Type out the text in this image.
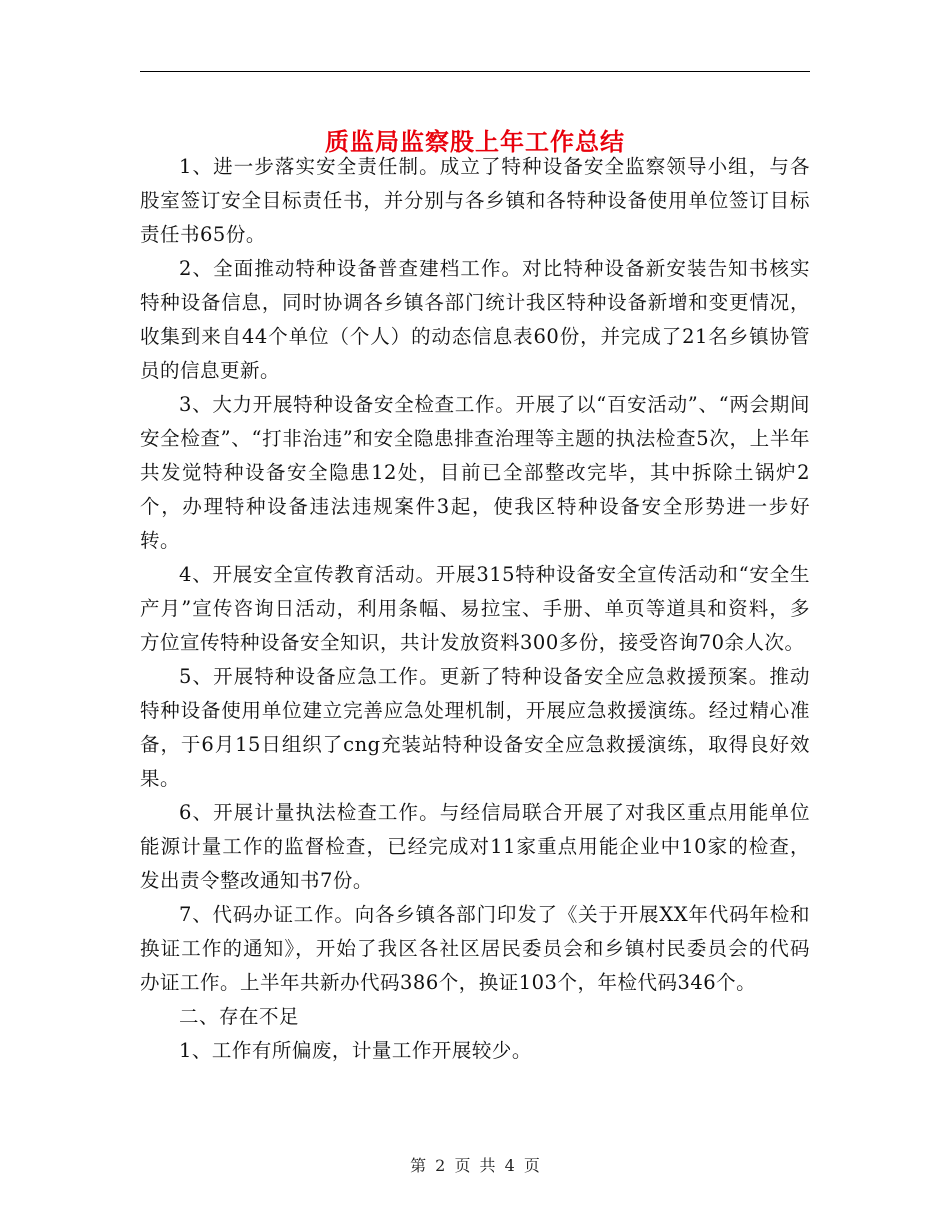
质监局监察股上年工作总结

1、进一步落实安全责任制。成立了特种设备安全监察领导小组，与各股室签订安全目标责任书，并分别与各乡镇和各特种设备使用单位签订目标责任书65份。

2、全面推动特种设备普查建档工作。对比特种设备新安装告知书核实特种设备信息，同时协调各乡镇各部门统计我区特种设备新增和变更情况，收集到来自44个单位（个人）的动态信息表60份，并完成了21名乡镇协管员的信息更新。

3、大力开展特种设备安全检查工作。开展了以“百安活动”、“两会期间安全检查”、“打非治违”和安全隐患排查治理等主题的执法检查5次，上半年共发觉特种设备安全隐患12处，目前已全部整改完毕，其中拆除土锅炉2个，办理特种设备违法违规案件3起，使我区特种设备安全形势进一步好转。

4、开展安全宣传教育活动。开展315特种设备安全宣传活动和“安全生产月”宣传咨询日活动，利用条幅、易拉宝、手册、单页等道具和资料，多方位宣传特种设备安全知识，共计发放资料300多份，接受咨询70余人次。

5、开展特种设备应急工作。更新了特种设备安全应急救援预案。推动特种设备使用单位建立完善应急处理机制，开展应急救援演练。经过精心准备，于6月15日组织了cng充装站特种设备安全应急救援演练，取得良好效果。

6、开展计量执法检查工作。与经信局联合开展了对我区重点用能单位能源计量工作的监督检查，已经完成对11家重点用能企业中10家的检查，发出责令整改通知书7份。

7、代码办证工作。向各乡镇各部门印发了《关于开展XX年代码年检和换证工作的通知》，开始了我区各社区居民委员会和乡镇村民委员会的代码办证工作。上半年共新办代码386个，换证103个，年检代码346个。

二、存在不足

1、工作有所偏废，计量工作开展较少。

第 2 页 共 4 页
